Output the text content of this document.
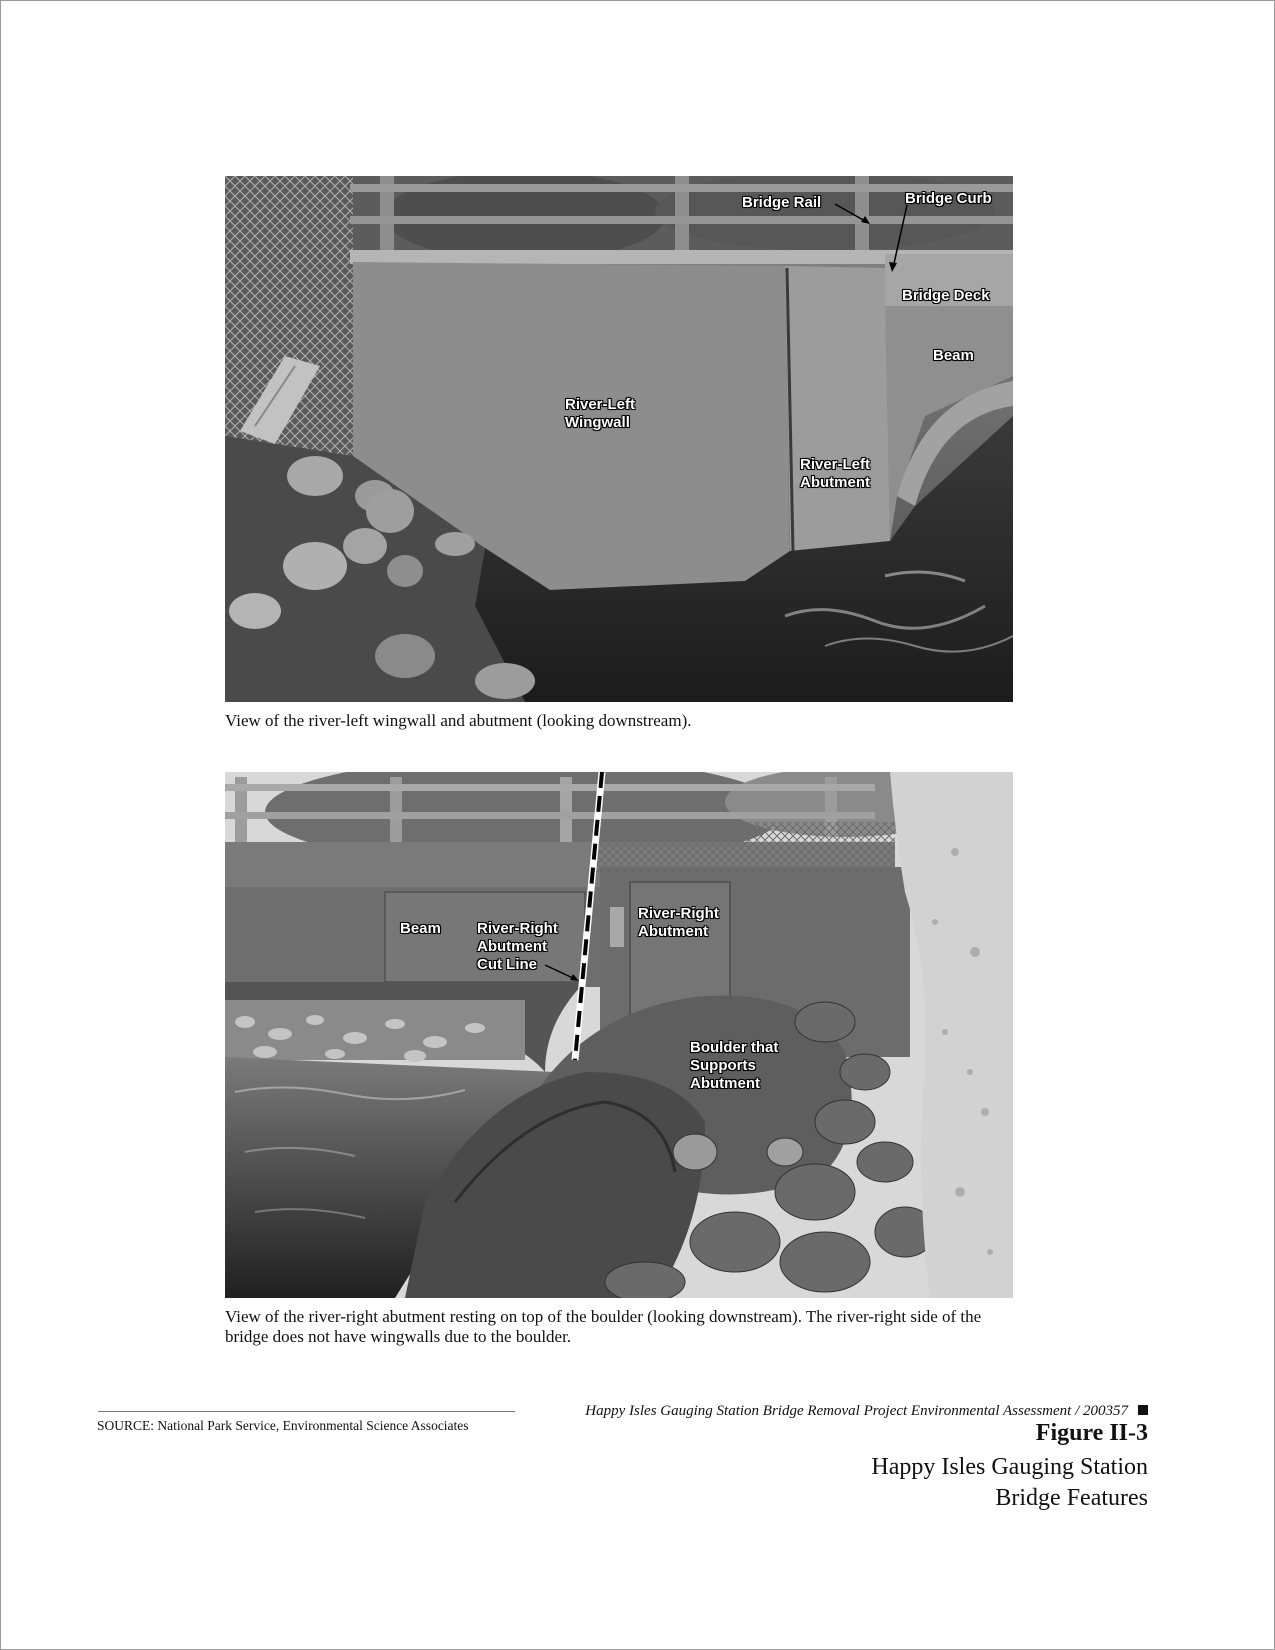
Bridge Rail	Bridge Curb
Bridge Deck
Beam
River-Left
Wingwall
River-Left
Abutment
View of the river-left wingwall and abutment (looking downstream).
Beam River-Right
Abutment
Cut Line
River-Right
Abutment
Boulder that
Supports
Abutment
View of the river-right abutment resting on top of the boulder (looking downstream). The river-right side of the bridge does not have wingwalls due to the boulder.
Happy Isles Gauging Station Bridge Removal Project Environmental Assessment / 200357
SOURCE: National Park Service, Environmental Science Associates	Figure II-3
Happy Isles Gauging Station
Bridge Features
